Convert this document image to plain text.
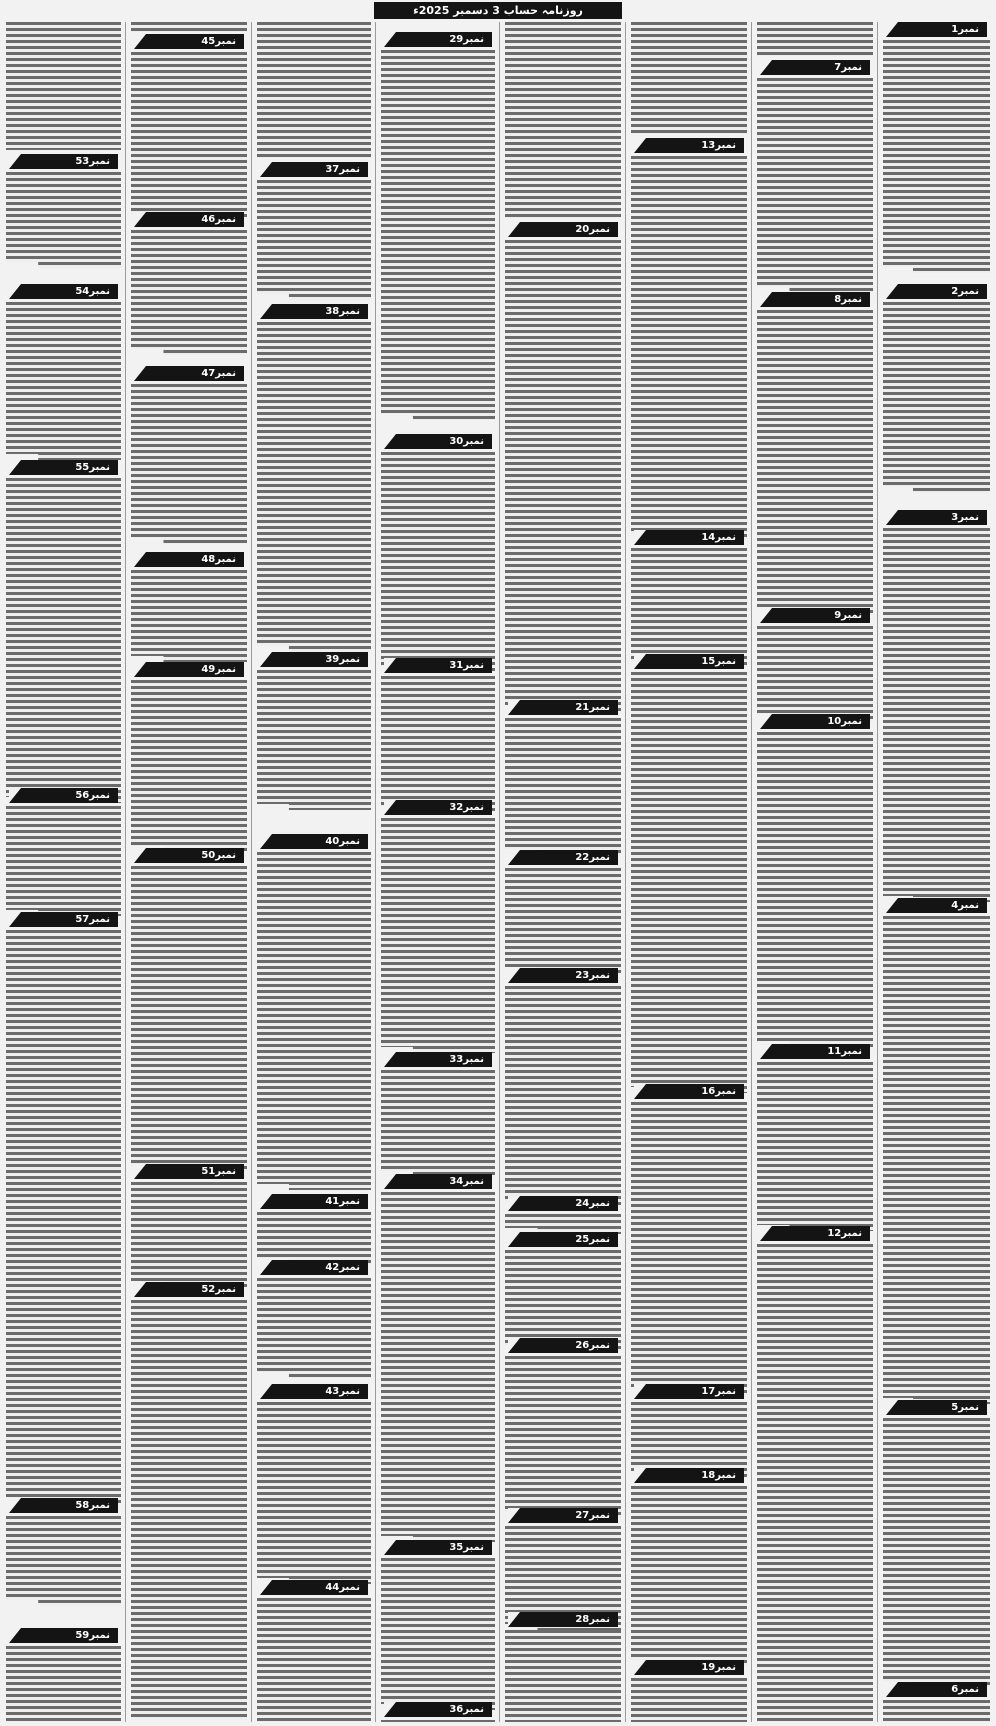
روزنامہ حساب 3 دسمبر 2025ء
نمبر1
نمبر2
نمبر3
نمبر4
نمبر5
نمبر6
نمبر7
نمبر8
نمبر9
نمبر10
نمبر11
نمبر12
نمبر13
نمبر14
نمبر15
نمبر16
نمبر17
نمبر18
نمبر19
نمبر20
نمبر21
نمبر22
نمبر23
نمبر24
نمبر25
نمبر26
نمبر27
نمبر28
نمبر29
نمبر30
نمبر31
نمبر32
نمبر33
نمبر34
نمبر35
نمبر36
نمبر37
نمبر38
نمبر39
نمبر40
نمبر41
نمبر42
نمبر43
نمبر44
نمبر45
نمبر46
نمبر47
نمبر48
نمبر49
نمبر50
نمبر51
نمبر52
نمبر53
نمبر54
نمبر55
نمبر56
نمبر57
نمبر58
نمبر59
